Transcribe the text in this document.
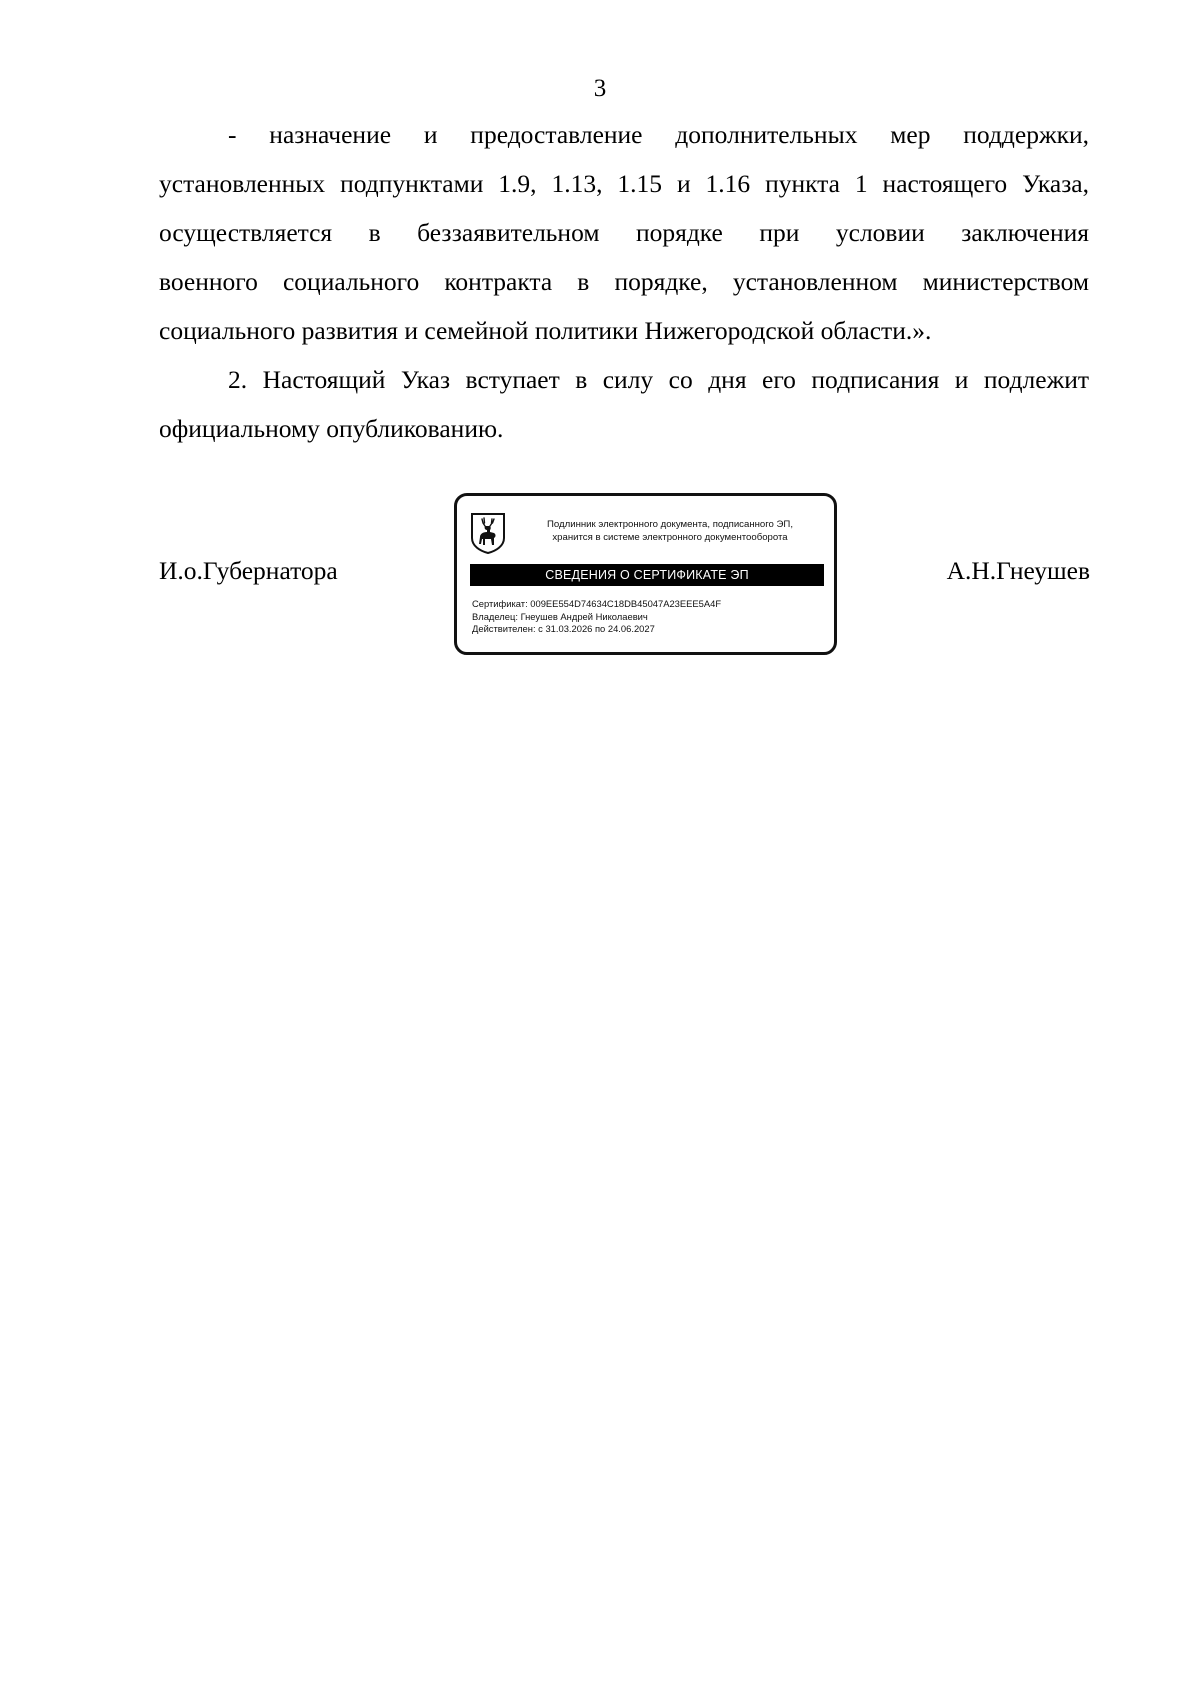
3
- назначение и предоставление дополнительных мер поддержки,
установленных подпунктами 1.9, 1.13, 1.15 и 1.16 пункта 1 настоящего Указа,
осуществляется в беззаявительном порядке при условии заключения
военного социального контракта в порядке, установленном министерством
социального развития и семейной политики Нижегородской области.».
2. Настоящий Указ вступает в силу со дня его подписания и подлежит
официальному опубликованию.
И.о.Губернатора
Подлинник электронного документа, подписанного ЭП,
хранится в системе электронного документооборота
СВЕДЕНИЯ О СЕРТИФИКАТЕ ЭП
Сертификат: 009EE554D74634C18DB45047A23EEE5A4F
Владелец: Гнеушев Андрей Николаевич
Действителен: с 31.03.2026 по 24.06.2027
А.Н.Гнеушев
